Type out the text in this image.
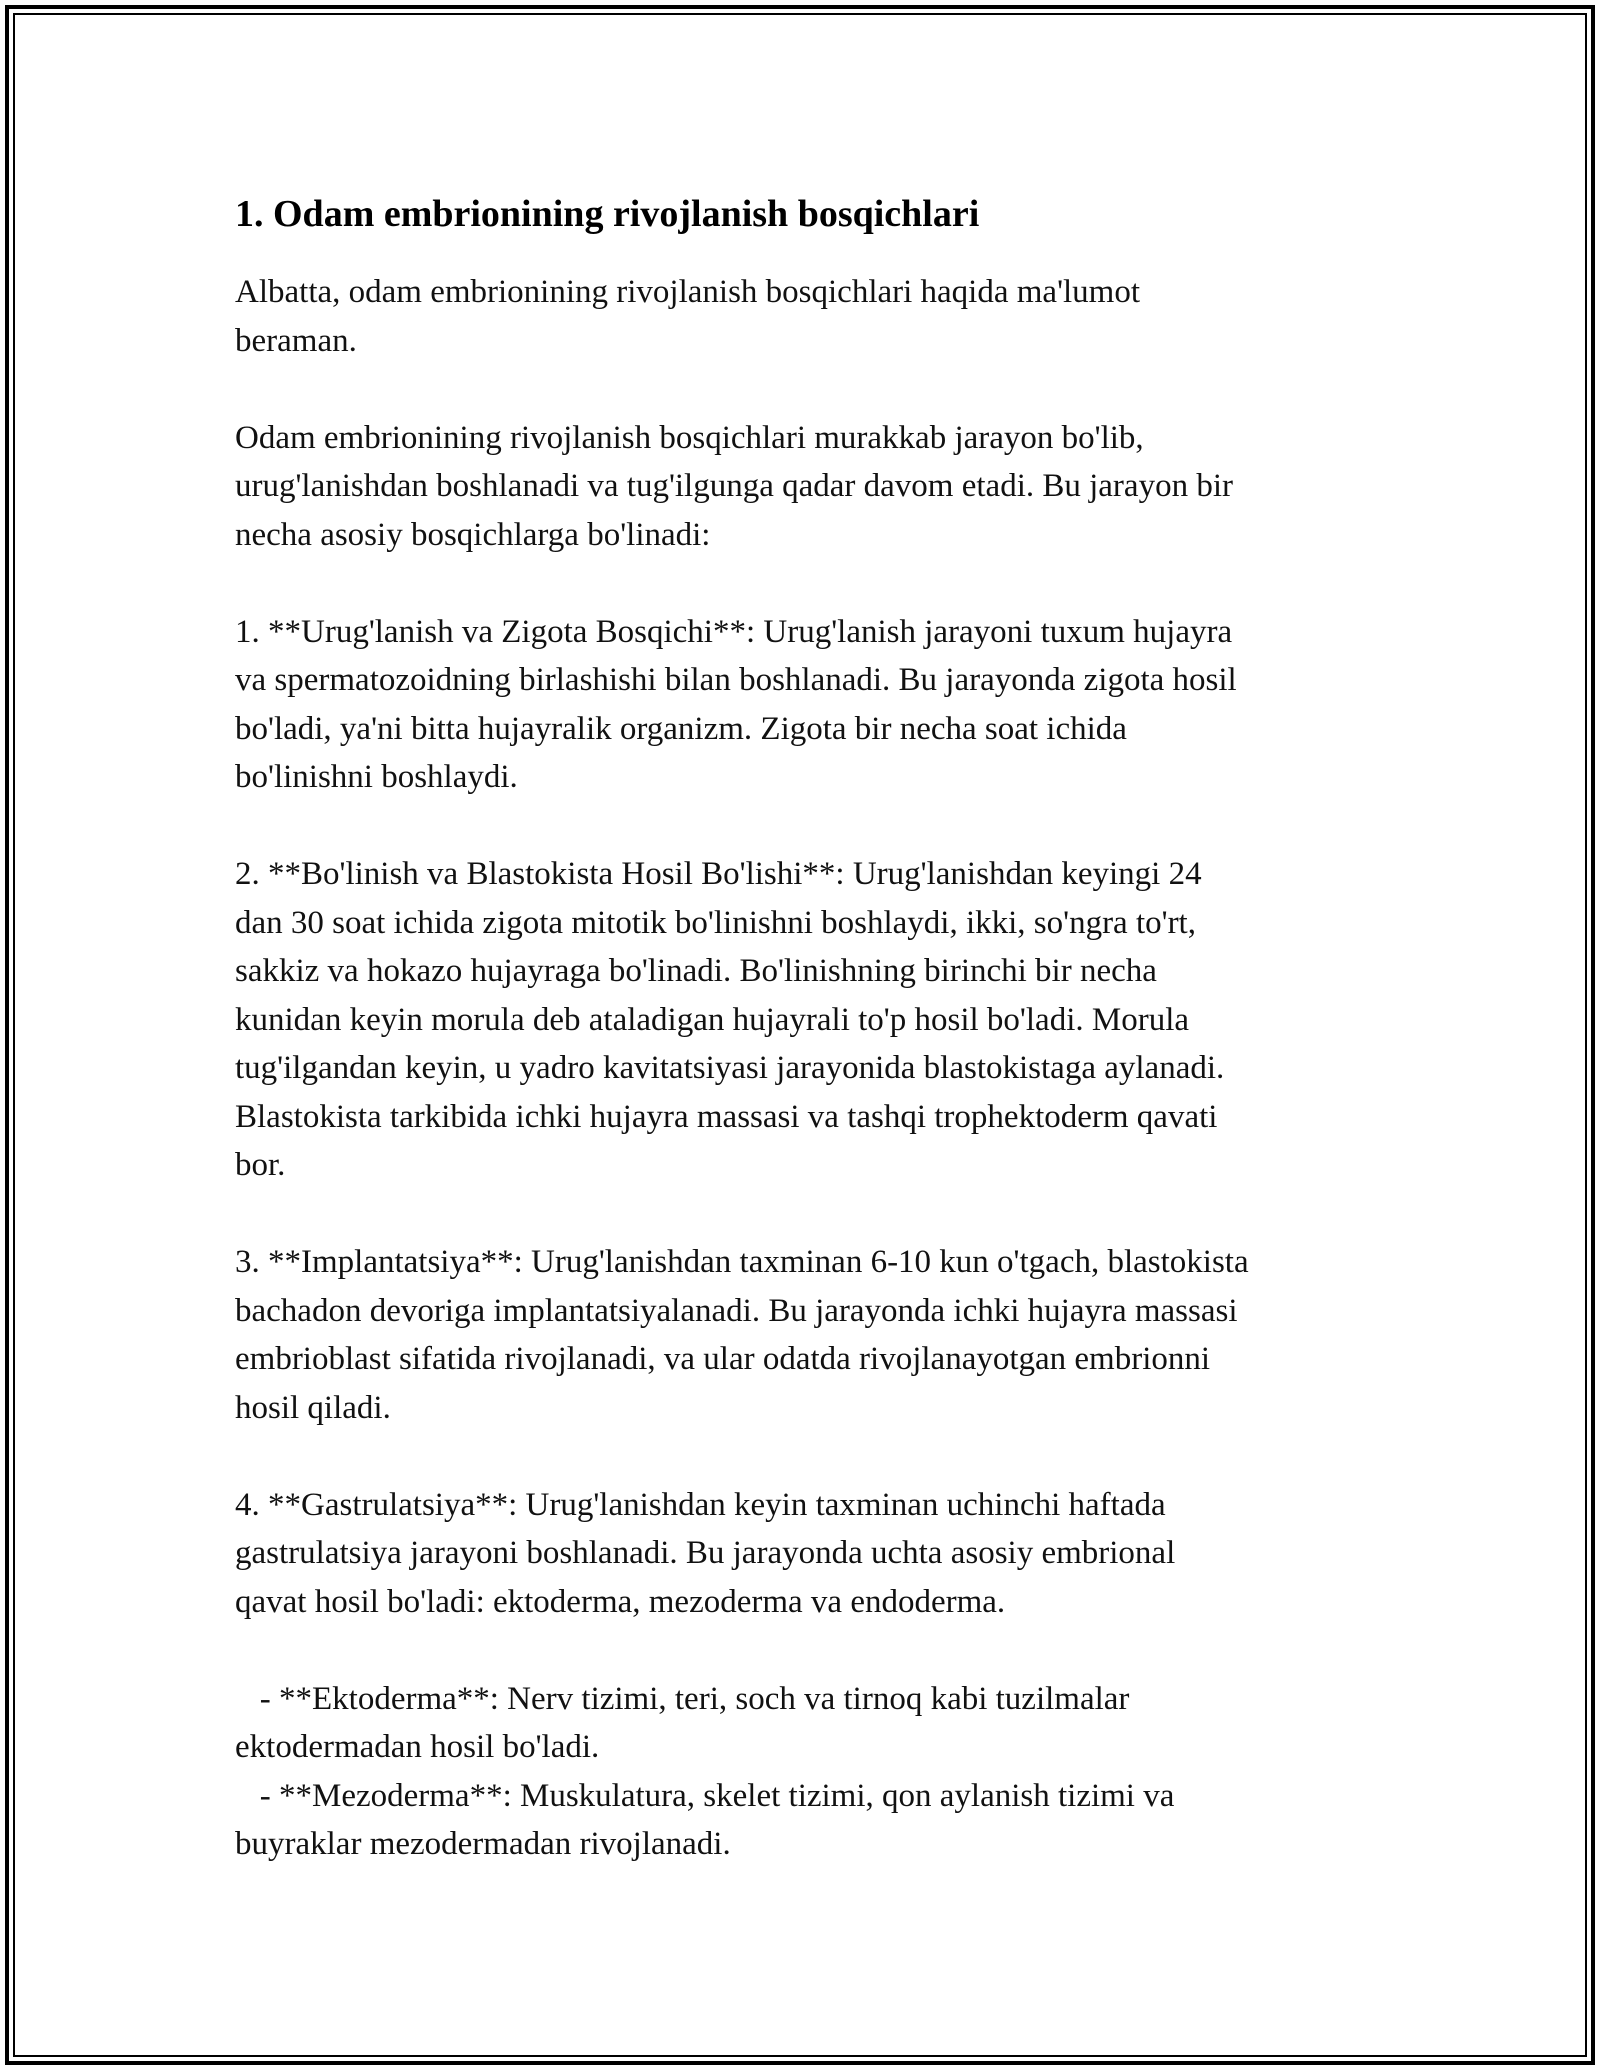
1. Odam embrionining rivojlanish bosqichlari

Albatta, odam embrionining rivojlanish bosqichlari haqida ma'lumot
beraman.

Odam embrionining rivojlanish bosqichlari murakkab jarayon bo'lib,
urug'lanishdan boshlanadi va tug'ilgunga qadar davom etadi. Bu jarayon bir
necha asosiy bosqichlarga bo'linadi:

1. **Urug'lanish va Zigota Bosqichi**: Urug'lanish jarayoni tuxum hujayra
va spermatozoidning birlashishi bilan boshlanadi. Bu jarayonda zigota hosil
bo'ladi, ya'ni bitta hujayralik organizm. Zigota bir necha soat ichida
bo'linishni boshlaydi.

2. **Bo'linish va Blastokista Hosil Bo'lishi**: Urug'lanishdan keyingi 24
dan 30 soat ichida zigota mitotik bo'linishni boshlaydi, ikki, so'ngra to'rt,
sakkiz va hokazo hujayraga bo'linadi. Bo'linishning birinchi bir necha
kunidan keyin morula deb ataladigan hujayrali to'p hosil bo'ladi. Morula
tug'ilgandan keyin, u yadro kavitatsiyasi jarayonida blastokistaga aylanadi.
Blastokista tarkibida ichki hujayra massasi va tashqi trophektoderm qavati
bor.

3. **Implantatsiya**: Urug'lanishdan taxminan 6-10 kun o'tgach, blastokista
bachadon devoriga implantatsiyalanadi. Bu jarayonda ichki hujayra massasi
embrioblast sifatida rivojlanadi, va ular odatda rivojlanayotgan embrionni
hosil qiladi.

4. **Gastrulatsiya**: Urug'lanishdan keyin taxminan uchinchi haftada
gastrulatsiya jarayoni boshlanadi. Bu jarayonda uchta asosiy embrional
qavat hosil bo'ladi: ektoderma, mezoderma va endoderma.

- **Ektoderma**: Nerv tizimi, teri, soch va tirnoq kabi tuzilmalar
ektodermadan hosil bo'ladi.
- **Mezoderma**: Muskulatura, skelet tizimi, qon aylanish tizimi va
buyraklar mezodermadan rivojlanadi.
